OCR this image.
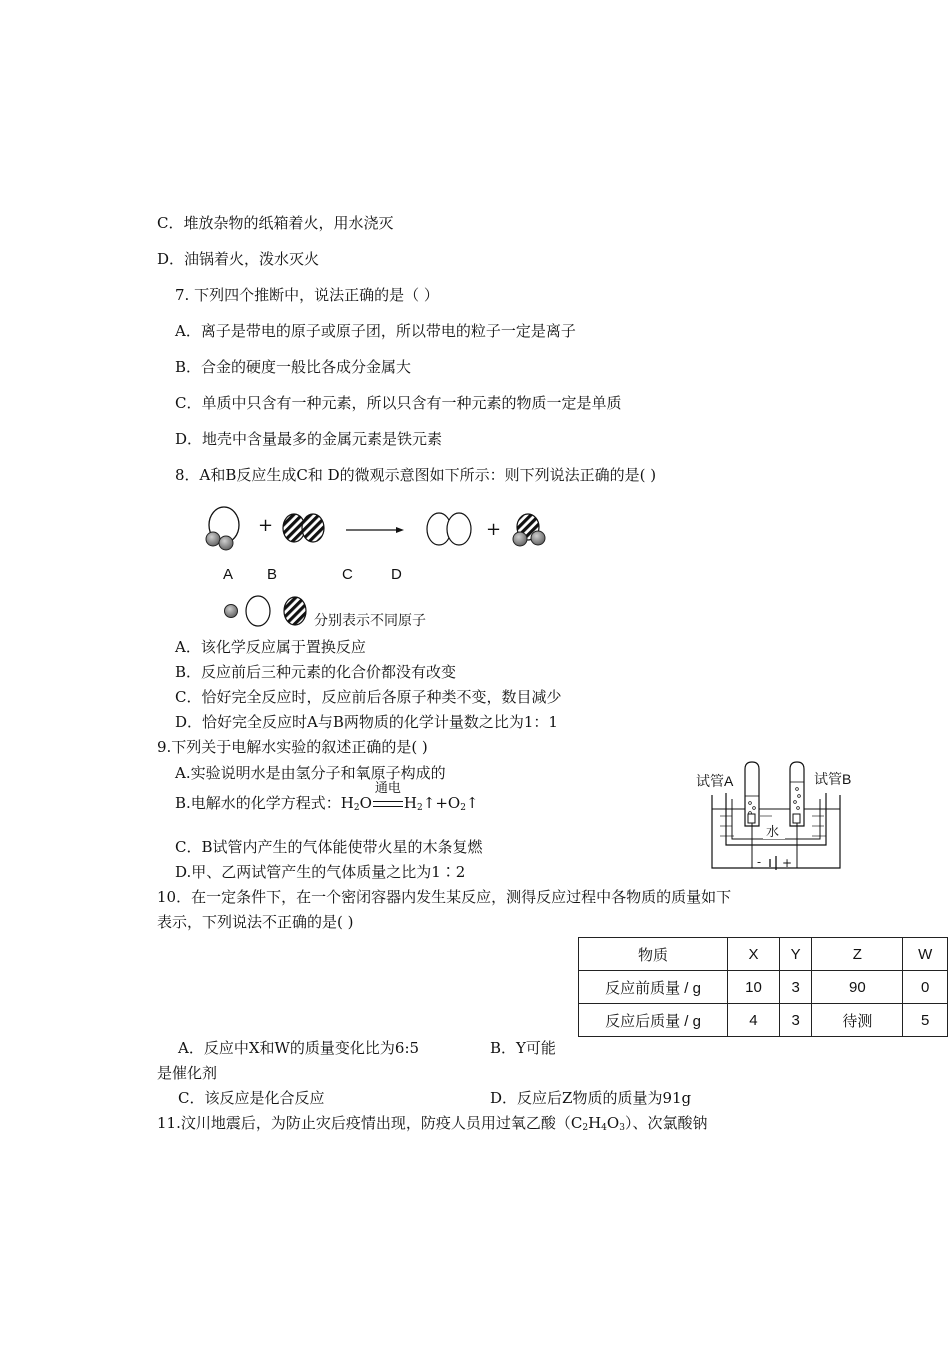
C．堆放杂物的纸箱着火，用水浇灭
D．油锅着火，泼水灭火
7. 下列四个推断中，说法正确的是（ ）
A．离子是带电的原子或原子团，所以带电的粒子一定是离子
B．合金的硬度一般比各成分金属大
C．单质中只含有一种元素，所以只含有一种元素的物质一定是单质
D．地壳中含量最多的金属元素是铁元素
8．A和B反应生成C和 D的微观示意图如下所示：则下列说法正确的是( )
+	+
A B	C	D
分别表示不同原子
A．该化学反应属于置换反应
B．反应前后三种元素的化合价都没有改变
C．恰好完全反应时，反应前后各原子种类不变，数目减少
D．恰好完全反应时A与B两物质的化学计量数之比为1：1
9.下列关于电解水实验的叙述正确的是( )
A.实验说明水是由氢分子和氧原子构成的
B.电解水的化学方程式：$H_2O$
通电
$H_2↑+O_2↑$
C．B试管内产生的气体能使带火星的木条复燃
D.甲、乙两试管产生的气体质量之比为1∶2
试管A	试管B
水
- +
10．在一定条件下，在一个密闭容器内发生某反应，测得反应过程中各物质的质量如下
表示，下列说法不正确的是( )
物质	X	Y	Z	W
反应前质量 / g	10	3	90	0
反应后质量 / g	4	3	待测	5
A．反应中X和W的质量变化比为6:5	B．Y可能
是催化剂
C．该反应是化合反应	D．反应后Z物质的质量为91g
11.汶川地震后，为防止灾后疫情出现，防疫人员用过氧乙酸$(C_2H_4O_3)$、次氯酸钠
